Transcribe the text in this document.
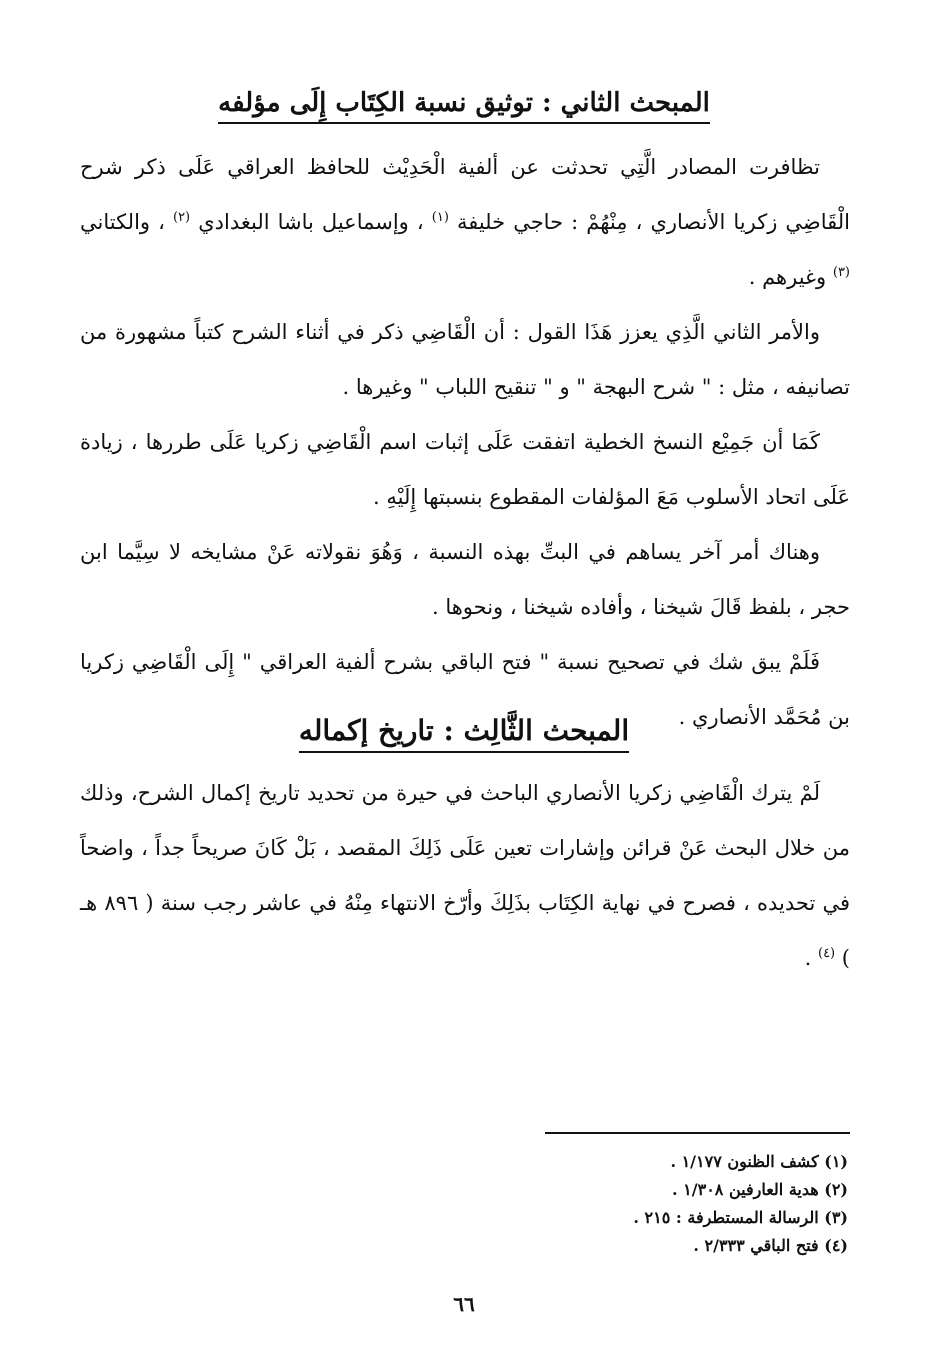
المبحث الثاني : توثيق نسبة الكِتَاب إِلَى مؤلفه

تظافرت المصادر الَّتِي تحدثت عن ألفية الْحَدِيْث للحافظ العراقي عَلَى ذكر شرح الْقَاضِي زكريا الأنصاري ، مِنْهُمْ : حاجي خليفة $^{(١)}$ ، وإسماعيل باشا البغدادي $^{(٢)}$ ، والكتاني $^{(٣)}$ وغيرهم .

والأمر الثاني الَّذِي يعزز هَذَا القول : أن الْقَاضِي ذكر في أثناء الشرح كتباً مشهورة من تصانيفه ، مثل : " شرح البهجة " و " تنقيح اللباب " وغيرها .

كَمَا أن جَمِيْع النسخ الخطية اتفقت عَلَى إثبات اسم الْقَاضِي زكريا عَلَى طررها ، زيادة عَلَى اتحاد الأسلوب مَعَ المؤلفات المقطوع بنسبتها إِلَيْهِ .

وهناك أمر آخر يساهم في البتِّ بهذه النسبة ، وَهُوَ نقولاته عَنْ مشايخه لا سِيَّما ابن حجر ، بلفظ قَالَ شيخنا ، وأفاده شيخنا ، ونحوها .

فَلَمْ يبق شك في تصحيح نسبة " فتح الباقي بشرح ألفية العراقي " إِلَى الْقَاضِي زكريا بن مُحَمَّد الأنصاري .

المبحث الثَّالِث : تاريخ إكماله

لَمْ يترك الْقَاضِي زكريا الأنصاري الباحث في حيرة من تحديد تاريخ إكمال الشرح، وذلك من خلال البحث عَنْ قرائن وإشارات تعين عَلَى ذَلِكَ المقصد ، بَلْ كَانَ صريحاً جداً ، واضحاً في تحديده ، فصرح في نهاية الكِتَاب بذَلِكَ وأرّخ الانتهاء مِنْهُ في عاشر رجب سنة ( ٨٩٦ هـ ) $^{(٤)}$ .

(١) كشف الظنون ١/١٧٧ .
(٢) هدية العارفين ١/٣٠٨ .
(٣) الرسالة المستطرفة : ٢١٥ .
(٤) فتح الباقي ٢/٣٣٣ .
٦٦
